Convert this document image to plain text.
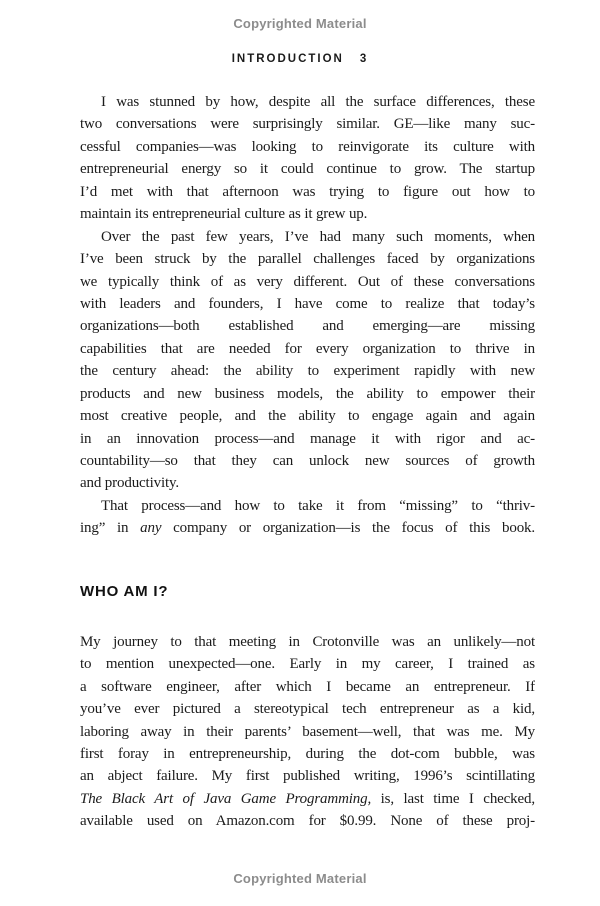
Copyrighted Material
INTRODUCTION 3
I was stunned by how, despite all the surface differences, these
two conversations were surprisingly similar. GE—like many suc-
cessful companies—was looking to reinvigorate its culture with
entrepreneurial energy so it could continue to grow. The startup
I’d met with that afternoon was trying to figure out how to
maintain its entrepreneurial culture as it grew up.
Over the past few years, I’ve had many such moments, when
I’ve been struck by the parallel challenges faced by organizations
we typically think of as very different. Out of these conversations
with leaders and founders, I have come to realize that today’s
organizations—both established and emerging—are missing
capabilities that are needed for every organization to thrive in
the century ahead: the ability to experiment rapidly with new
products and new business models, the ability to empower their
most creative people, and the ability to engage again and again
in an innovation process—and manage it with rigor and ac-
countability—so that they can unlock new sources of growth
and productivity.
That process—and how to take it from “missing” to “thriv-
ing” in any company or organization—is the focus of this book.
WHO AM I?
My journey to that meeting in Crotonville was an unlikely—not
to mention unexpected—one. Early in my career, I trained as
a software engineer, after which I became an entrepreneur. If
you’ve ever pictured a stereotypical tech entrepreneur as a kid,
laboring away in their parents’ basement—well, that was me. My
first foray in entrepreneurship, during the dot-com bubble, was
an abject failure. My first published writing, 1996’s scintillating
The Black Art of Java Game Programming, is, last time I checked,
available used on Amazon.com for $0.99. None of these proj-
Copyrighted Material
